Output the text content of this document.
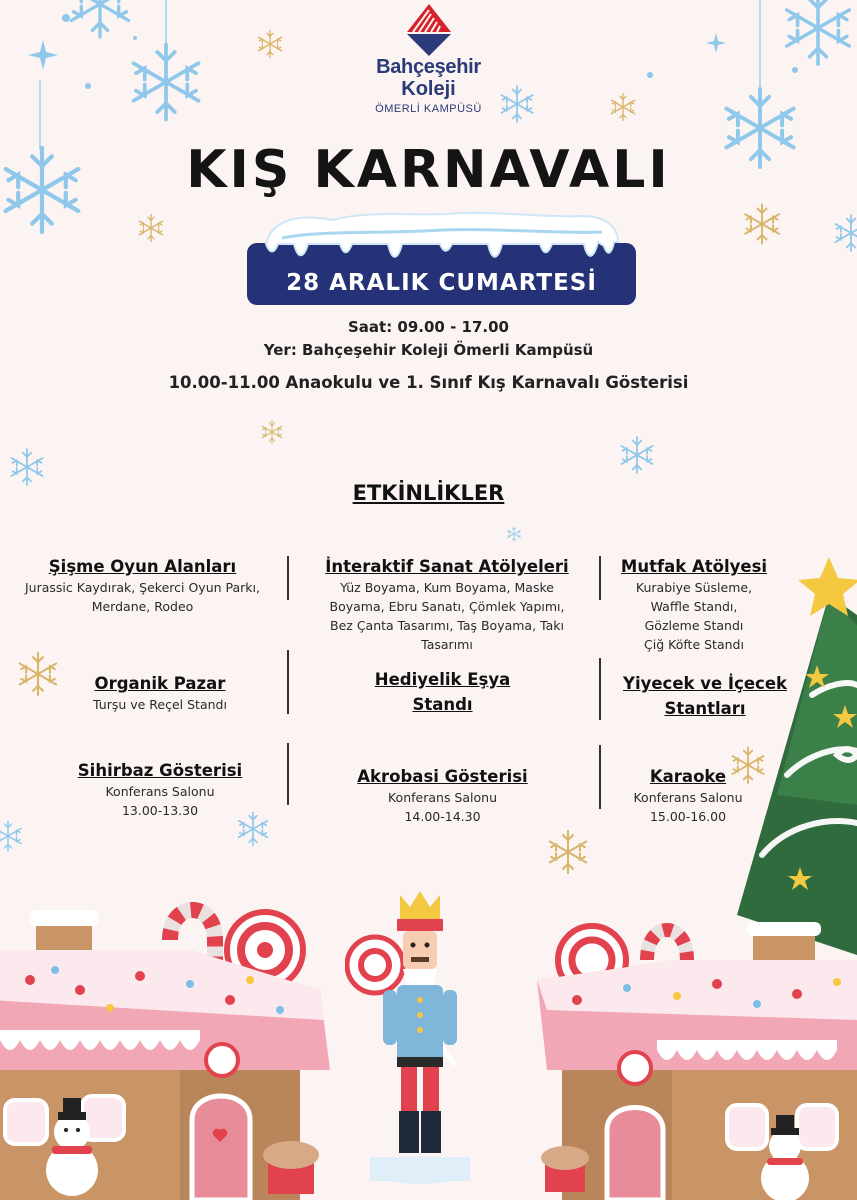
Bahçeşehir
Koleji
ÖMERLİ KAMPÜSÜ
KIŞ KARNAVALI
28 ARALIK CUMARTESİ
Saat: 09.00 - 17.00
Yer: Bahçeşehir Koleji Ömerli Kampüsü
10.00-11.00 Anaokulu ve 1. Sınıf Kış Karnavalı Gösterisi
ETKİNLİKLER
Şişme Oyun Alanları
Jurassic Kaydırak, Şekerci Oyun Parkı,
Merdane, Rodeo
İnteraktif Sanat Atölyeleri
Yüz Boyama, Kum Boyama, Maske
Boyama, Ebru Sanatı, Çömlek Yapımı,
Bez Çanta Tasarımı, Taş Boyama, Takı
Tasarımı
Mutfak Atölyesi
Kurabiye Süsleme,
Waffle Standı,
Gözleme Standı
Çiğ Köfte Standı
Organik Pazar
Turşu ve Reçel Standı
Hediyelik Eşya
Standı
Yiyecek ve İçecek
Stantları
Sihirbaz Gösterisi
Konferans Salonu
13.00-13.30
Akrobasi Gösterisi
Konferans Salonu
14.00-14.30
Karaoke
Konferans Salonu
15.00-16.00
